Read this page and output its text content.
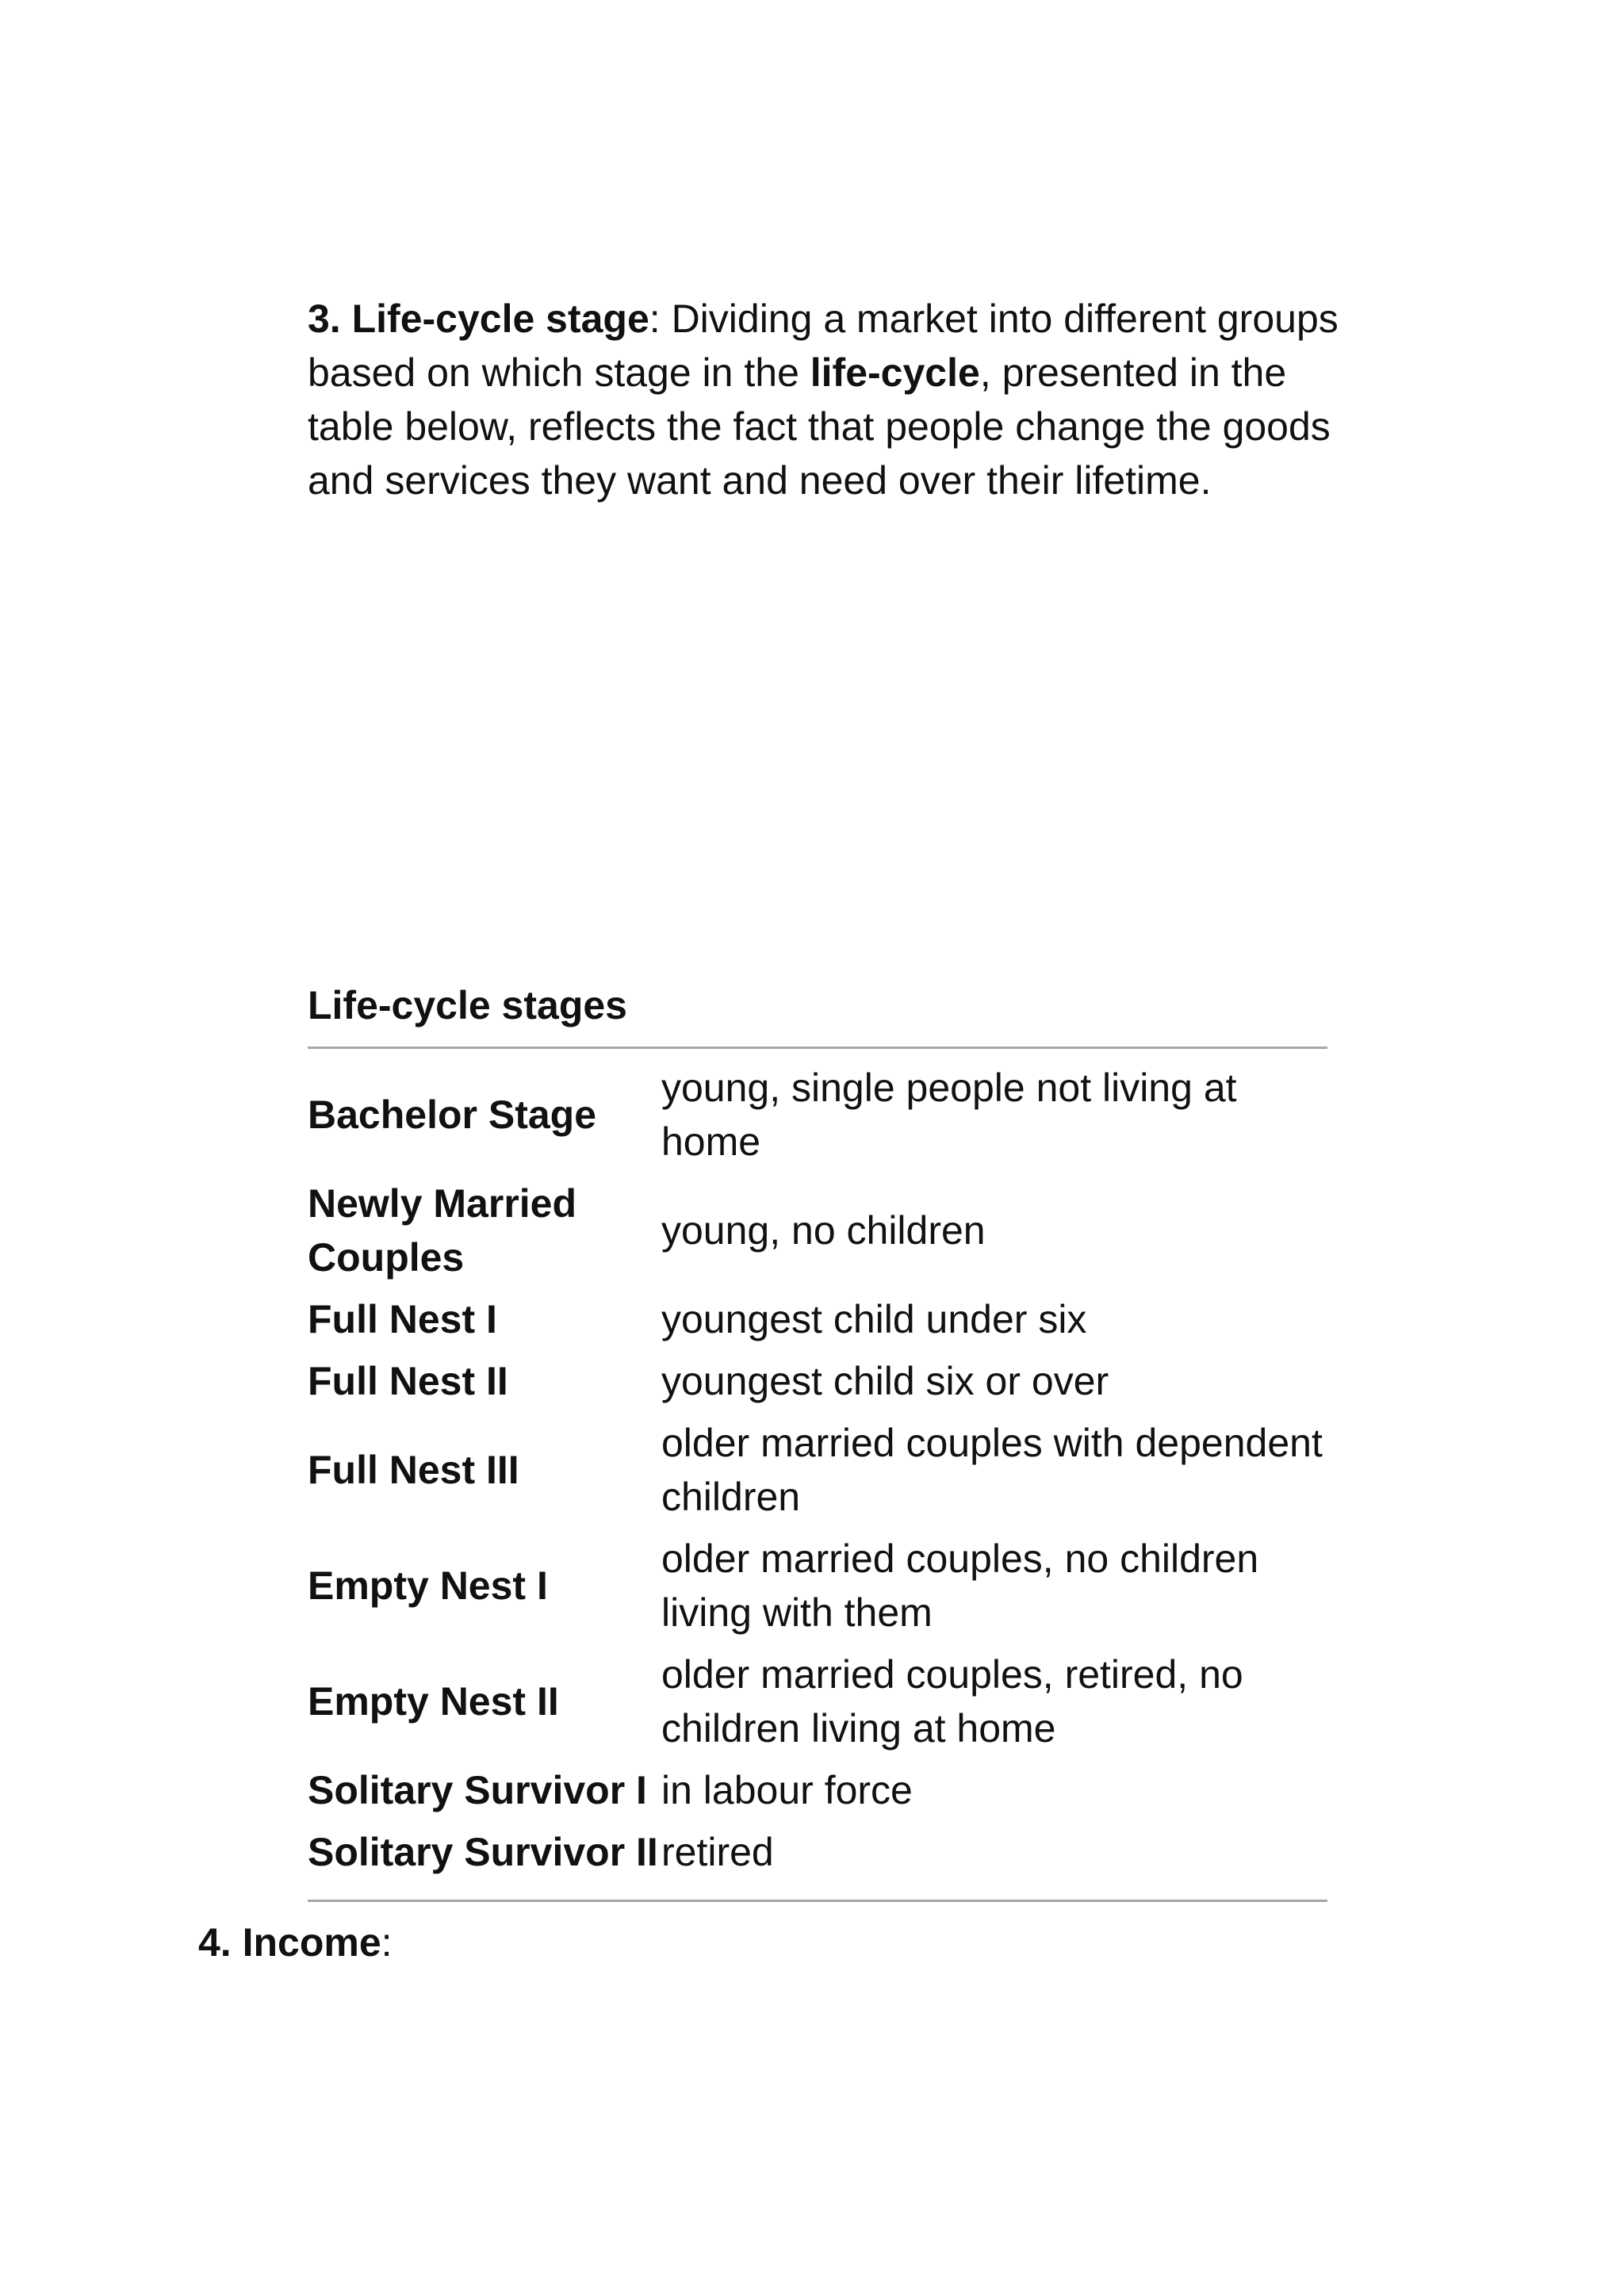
3. Life-cycle stage: Dividing a market into different groups based on which stage in the life-cycle, presented in the table below, reflects the fact that people change the goods and services they want and need over their lifetime.

Life-cycle stages

Bachelor Stage	young, single people not living at home
Newly Married Couples	young, no children
Full Nest I	youngest child under six
Full Nest II	youngest child six or over
Full Nest III	older married couples with dependent children
Empty Nest I	older married couples, no children living with them
Empty Nest II	older married couples, retired, no children living at home
Solitary Survivor I	in labour force
Solitary Survivor II	retired

4. Income:
